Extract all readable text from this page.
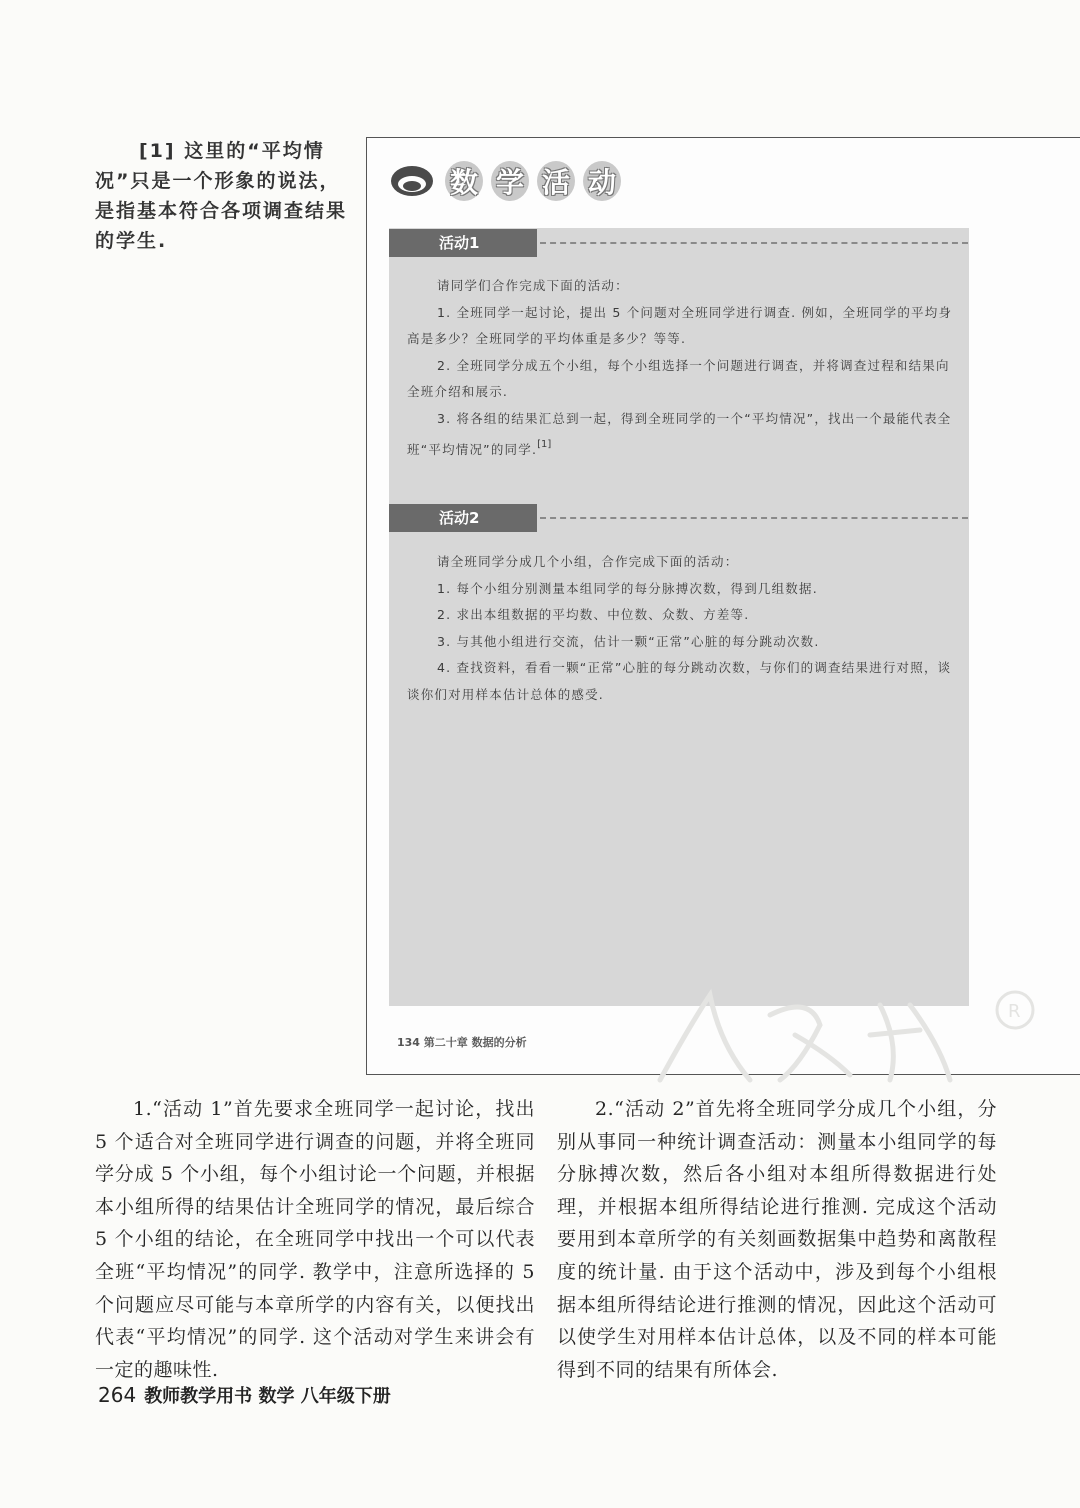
[1] 这里的“平均情
况”只是一个形象的说法，
是指基本符合各项调查结果
的学生.
数 学 活 动
活动1

请同学们合作完成下面的活动：

1. 全班同学一起讨论，提出 5 个问题对全班同学进行调查. 例如，全班同学的平均身高是多少？全班同学的平均体重是多少？等等.

2. 全班同学分成五个小组，每个小组选择一个问题进行调查，并将调查过程和结果向全班介绍和展示.

3. 将各组的结果汇总到一起，得到全班同学的一个“平均情况”，找出一个最能代表全班“平均情况”的同学.[1]

活动2

请全班同学分成几个小组，合作完成下面的活动：

1. 每个小组分别测量本组同学的每分脉搏次数，得到几组数据.

2. 求出本组数据的平均数、中位数、众数、方差等.

3. 与其他小组进行交流，估计一颗“正常”心脏的每分跳动次数.

4. 查找资料，看看一颗“正常”心脏的每分跳动次数，与你们的调查结果进行对照，谈谈你们对用样本估计总体的感受.

134 第二十章 数据的分析
R

1.“活动 1”首先要求全班同学一起讨论，找出 5 个适合对全班同学进行调查的问题，并将全班同学分成 5 个小组，每个小组讨论一个问题，并根据本小组所得的结果估计全班同学的情况，最后综合 5 个小组的结论，在全班同学中找出一个可以代表全班“平均情况”的同学. 教学中，注意所选择的 5 个问题应尽可能与本章所学的内容有关，以便找出代表“平均情况”的同学. 这个活动对学生来讲会有一定的趣味性.

2.“活动 2”首先将全班同学分成几个小组，分别从事同一种统计调查活动：测量本小组同学的每分脉搏次数，然后各小组对本组所得数据进行处理，并根据本组所得结论进行推测. 完成这个活动要用到本章所学的有关刻画数据集中趋势和离散程度的统计量. 由于这个活动中，涉及到每个小组根据本组所得结论进行推测的情况，因此这个活动可以使学生对用样本估计总体，以及不同的样本可能得到不同的结果有所体会.

264 教师教学用书 数学 八年级下册
